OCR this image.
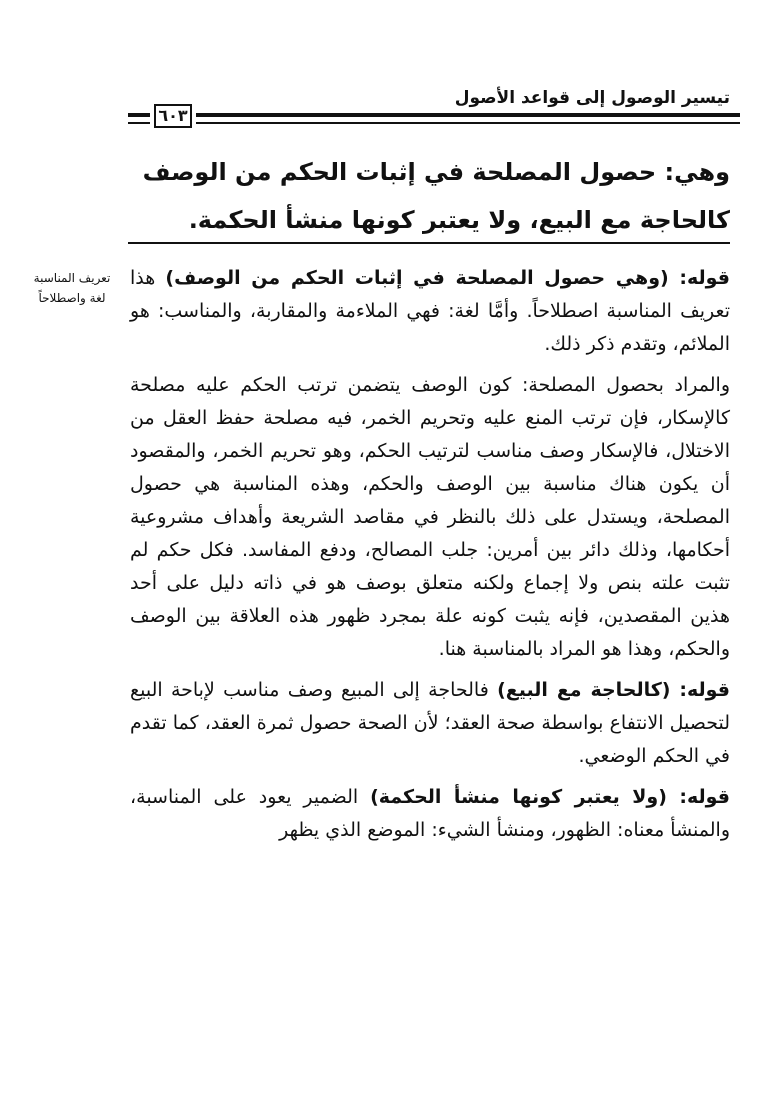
تيسير الوصول إلى قواعد الأصول
٦٠٣
وهي: حصول المصلحة في إثبات الحكم من الوصف
كالحاجة مع البيع، ولا يعتبر كونها منشأ الحكمة.
تعريف المناسبة
لغة واصطلاحاً

قوله: (وهي حصول المصلحة في إثبات الحكم من الوصف) هذا تعريف المناسبة اصطلاحاً. وأمَّا لغة: فهي الملاءمة والمقاربة، والمناسب: هو الملائم، وتقدم ذكر ذلك.

والمراد بحصول المصلحة: كون الوصف يتضمن ترتب الحكم عليه مصلحة كالإسكار، فإن ترتب المنع عليه وتحريم الخمر، فيه مصلحة حفظ العقل من الاختلال، فالإسكار وصف مناسب لترتيب الحكم، وهو تحريم الخمر، والمقصود أن يكون هناك مناسبة بين الوصف والحكم، وهذه المناسبة هي حصول المصلحة، ويستدل على ذلك بالنظر في مقاصد الشريعة وأهداف مشروعية أحكامها، وذلك دائر بين أمرين: جلب المصالح، ودفع المفاسد. فكل حكم لم تثبت علته بنص ولا إجماع ولكنه متعلق بوصف هو في ذاته دليل على أحد هذين المقصدين، فإنه يثبت كونه علة بمجرد ظهور هذه العلاقة بين الوصف والحكم، وهذا هو المراد بالمناسبة هنا.

قوله: (كالحاجة مع البيع) فالحاجة إلى المبيع وصف مناسب لإباحة البيع لتحصيل الانتفاع بواسطة صحة العقد؛ لأن الصحة حصول ثمرة العقد، كما تقدم في الحكم الوضعي.

قوله: (ولا يعتبر كونها منشأ الحكمة) الضمير يعود على المناسبة، والمنشأ معناه: الظهور، ومنشأ الشيء: الموضع الذي يظهر
